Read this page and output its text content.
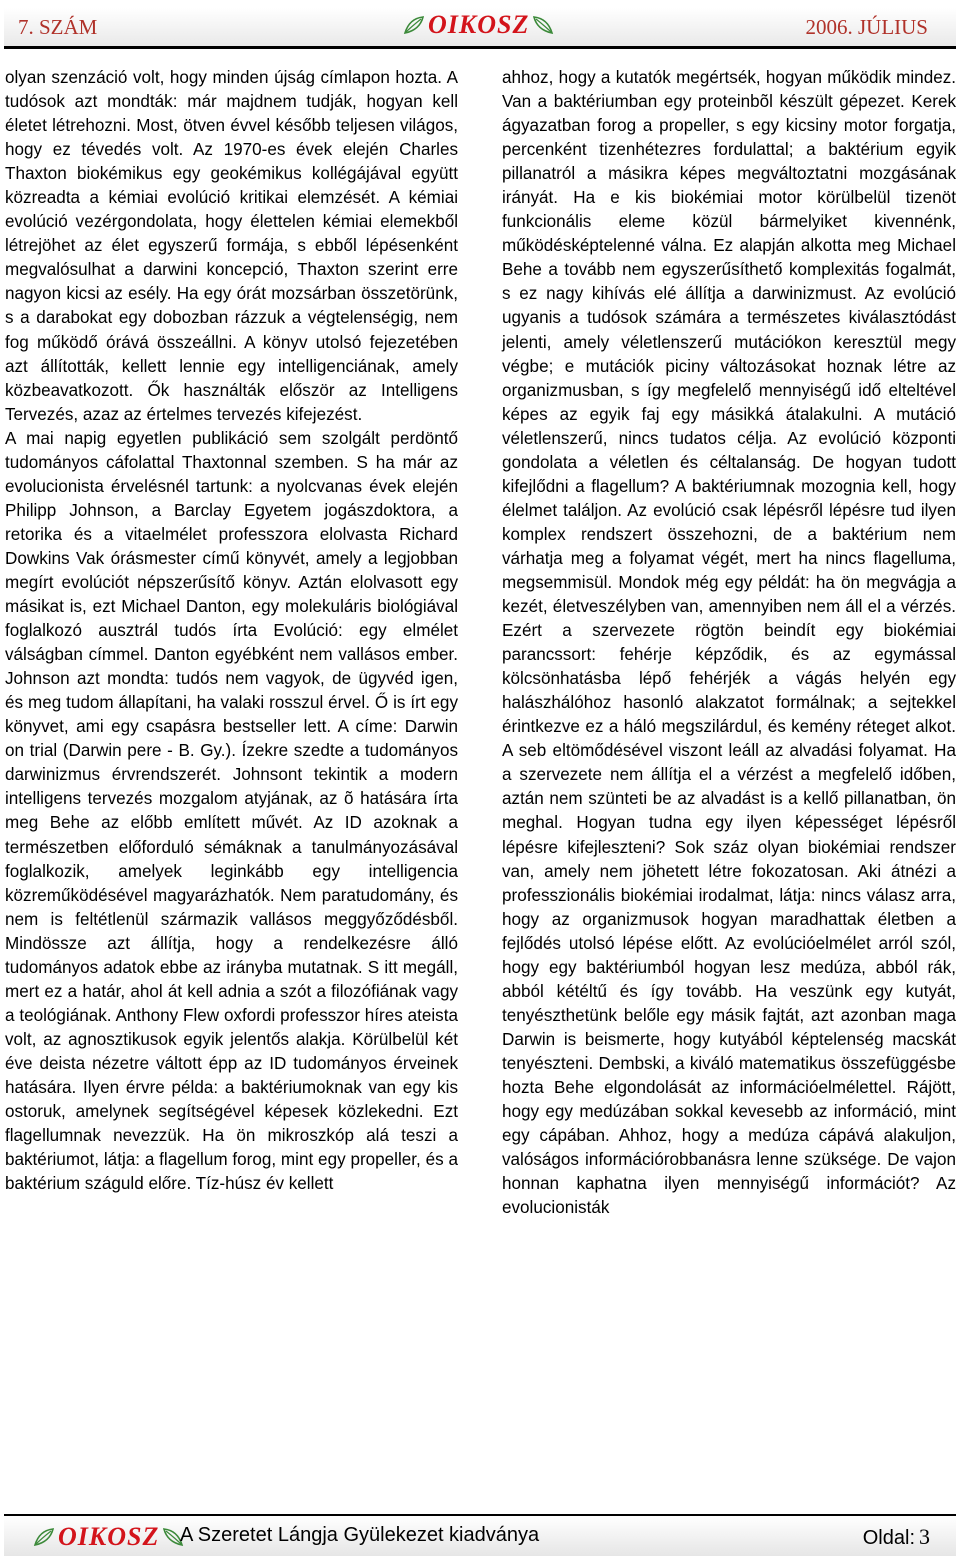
7. SZÁM	OIKOSZ	2006. JÚLIUS

olyan szenzáció volt, hogy minden újság címlapon hozta. A tudósok azt mondták: már majdnem tudják, hogyan kell életet létrehozni. Most, ötven évvel később teljesen világos, hogy ez tévedés volt. Az 1970-es évek elején Charles Thaxton biokémikus egy geokémikus kollégájával együtt közreadta a kémiai evolúció kritikai elemzését. A kémiai evolúció vezérgondolata, hogy élettelen kémiai elemekből létrejöhet az élet egyszerű formája, s ebből lépésenként megvalósulhat a darwini koncepció, Thaxton szerint erre nagyon kicsi az esély. Ha egy órát mozsárban összetörünk, s a darabokat egy dobozban rázzuk a végtelenségig, nem fog működő órává összeállni. A könyv utolsó fejezetében azt állították, kellett lennie egy intelligenciának, amely közbeavatkozott. Ők használták először az Intelligens Tervezés, azaz az értelmes tervezés kifejezést.

A mai napig egyetlen publikáció sem szolgált perdöntő tudományos cáfolattal Thaxtonnal szemben. S ha már az evolucionista érvelésnél tartunk: a nyolcvanas évek elején Philipp Johnson, a Barclay Egyetem jogászdoktora, a retorika és a vitaelmélet professzora elolvasta Richard Dowkins Vak órásmester című könyvét, amely a legjobban megírt evolúciót népszerűsítő könyv. Aztán elolvasott egy másikat is, ezt Michael Danton, egy molekuláris biológiával foglalkozó ausztrál tudós írta Evolúció: egy elmélet válságban címmel. Danton egyébként nem vallásos ember. Johnson azt mondta: tudós nem vagyok, de ügyvéd igen, és meg tudom állapítani, ha valaki rosszul érvel. Ő is írt egy könyvet, ami egy csapásra bestseller lett. A címe: Darwin on trial (Darwin pere - B. Gy.). Ízekre szedte a tudományos darwinizmus érvrendszerét. Johnsont tekintik a modern intelligens tervezés mozgalom atyjának, az õ hatására írta meg Behe az előbb említett művét. Az ID azoknak a természetben előforduló sémáknak a tanulmányozásával foglalkozik, amelyek leginkább egy intelligencia közreműködésével magyarázhatók. Nem paratudomány, és nem is feltétlenül származik vallásos meggyőződésből. Mindössze azt állítja, hogy a rendelkezésre álló tudományos adatok ebbe az irányba mutatnak. S itt megáll, mert ez a határ, ahol át kell adnia a szót a filozófiának vagy a teológiának. Anthony Flew oxfordi professzor híres ateista volt, az agnosztikusok egyik jelentős alakja. Körülbelül két éve deista nézetre váltott épp az ID tudományos érveinek hatására. Ilyen érvre példa: a baktériumoknak van egy kis ostoruk, amelynek segítségével képesek közlekedni. Ezt flagellumnak nevezzük. Ha ön mikroszkóp alá teszi a baktériumot, látja: a flagellum forog, mint egy propeller, és a baktérium száguld előre. Tíz-húsz év kellett

ahhoz, hogy a kutatók megértsék, hogyan működik mindez. Van a baktériumban egy proteinbõl készült gépezet. Kerek ágyazatban forog a propeller, s egy kicsiny motor forgatja, percenként tizenhétezres fordulattal; a baktérium egyik pillanatról a másikra képes megváltoztatni mozgásának irányát. Ha e kis biokémiai motor körülbelül tizenöt funkcionális eleme közül bármelyiket kivennénk, működésképtelenné válna. Ez alapján alkotta meg Michael Behe a tovább nem egyszerűsíthető komplexitás fogalmát, s ez nagy kihívás elé állítja a darwinizmust. Az evolúció ugyanis a tudósok számára a természetes kiválasztódást jelenti, amely véletlenszerű mutációkon keresztül megy végbe; e mutációk piciny változásokat hoznak létre az organizmusban, s így megfelelő mennyiségű idő elteltével képes az egyik faj egy másikká átalakulni. A mutáció véletlenszerű, nincs tudatos célja. Az evolúció központi gondolata a véletlen és céltalanság. De hogyan tudott kifejlődni a flagellum? A baktériumnak mozognia kell, hogy élelmet találjon. Az evolúció csak lépésről lépésre tud ilyen komplex rendszert összehozni, de a baktérium nem várhatja meg a folyamat végét, mert ha nincs flagelluma, megsemmisül. Mondok még egy példát: ha ön megvágja a kezét, életveszélyben van, amennyiben nem áll el a vérzés. Ezért a szervezete rögtön beindít egy biokémiai parancssort: fehérje képződik, és az egymással kölcsönhatásba lépő fehérjék a vágás helyén egy halászhálóhoz hasonló alakzatot formálnak; a sejtekkel érintkezve ez a háló megszilárdul, és kemény réteget alkot. A seb eltömődésével viszont leáll az alvadási folyamat. Ha a szervezete nem állítja el a vérzést a megfelelő időben, aztán nem szünteti be az alvadást is a kellő pillanatban, ön meghal. Hogyan tudna egy ilyen képességet lépésről lépésre kifejleszteni? Sok száz olyan biokémiai rendszer van, amely nem jöhetett létre fokozatosan. Aki átnézi a professzionális biokémiai irodalmat, látja: nincs válasz arra, hogy az organizmusok hogyan maradhattak életben a fejlődés utolsó lépése előtt. Az evolúcióelmélet arról szól, hogy egy baktériumból hogyan lesz medúza, abból rák, abból kétéltű és így tovább. Ha veszünk egy kutyát, tenyészthetünk belőle egy másik fajtát, azt azonban maga Darwin is beismerte, hogy kutyából képtelenség macskát tenyészteni. Dembski, a kiváló matematikus összefüggésbe hozta Behe elgondolását az információelmélettel. Rájött, hogy egy medúzában sokkal kevesebb az információ, mint egy cápában. Ahhoz, hogy a medúza cápává alakuljon, valóságos információrobbanásra lenne szüksége. De vajon honnan kaphatna ilyen mennyiségű információt? Az evolucionisták

OIKOSZ A Szeretet Lángja Gyülekezet kiadványa	Oldal: 3
